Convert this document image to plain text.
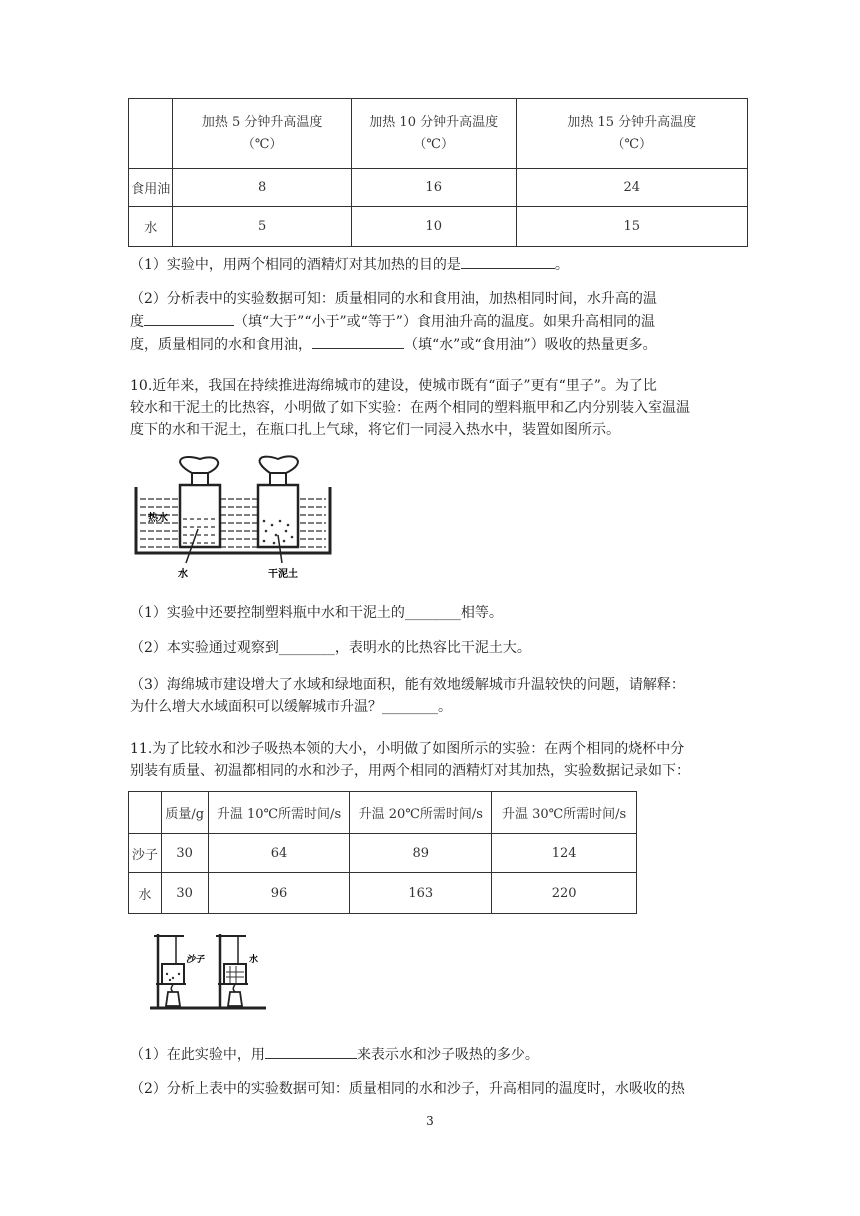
	加热 5 分钟升高温度（℃）	加热 10 分钟升高温度（℃）	加热 15 分钟升高温度（℃）

食用油	8	16	24
水	5	10	15
（1）实验中，用两个相同的酒精灯对其加热的目的是	。
（2）分析表中的实验数据可知：质量相同的水和食用油，加热相同时间，水升高的温
度	（填“大于”“小于”或“等于”）食用油升高的温度。如果升高相同的温
度，质量相同的水和食用油，	（填“水”或“食用油”）吸收的热量更多。
10.近年来，我国在持续推进海绵城市的建设，使城市既有“面子”更有“里子”。为了比
较水和干泥土的比热容，小明做了如下实验：在两个相同的塑料瓶甲和乙内分别装入室温温
度下的水和干泥土，在瓶口扎上气球，将它们一同浸入热水中，装置如图所示。
热水
水	干泥土
（1）实验中还要控制塑料瓶中水和干泥土的________相等。
（2）本实验通过观察到________，表明水的比热容比干泥土大。
（3）海绵城市建设增大了水域和绿地面积，能有效地缓解城市升温较快的问题，请解释：
为什么增大水域面积可以缓解城市升温？________。
11.为了比较水和沙子吸热本领的大小，小明做了如图所示的实验：在两个相同的烧杯中分
别装有质量、初温都相同的水和沙子，用两个相同的酒精灯对其加热，实验数据记录如下：
	质量/g	升温 10℃所需时间/s	升温 20℃所需时间/s	升温 30℃所需时间/s
沙子	30	64	89	124
水	30	96	163	220
沙子	水
（1）在此实验中，用	来表示水和沙子吸热的多少。
（2）分析上表中的实验数据可知：质量相同的水和沙子，升高相同的温度时，水吸收的热
3
